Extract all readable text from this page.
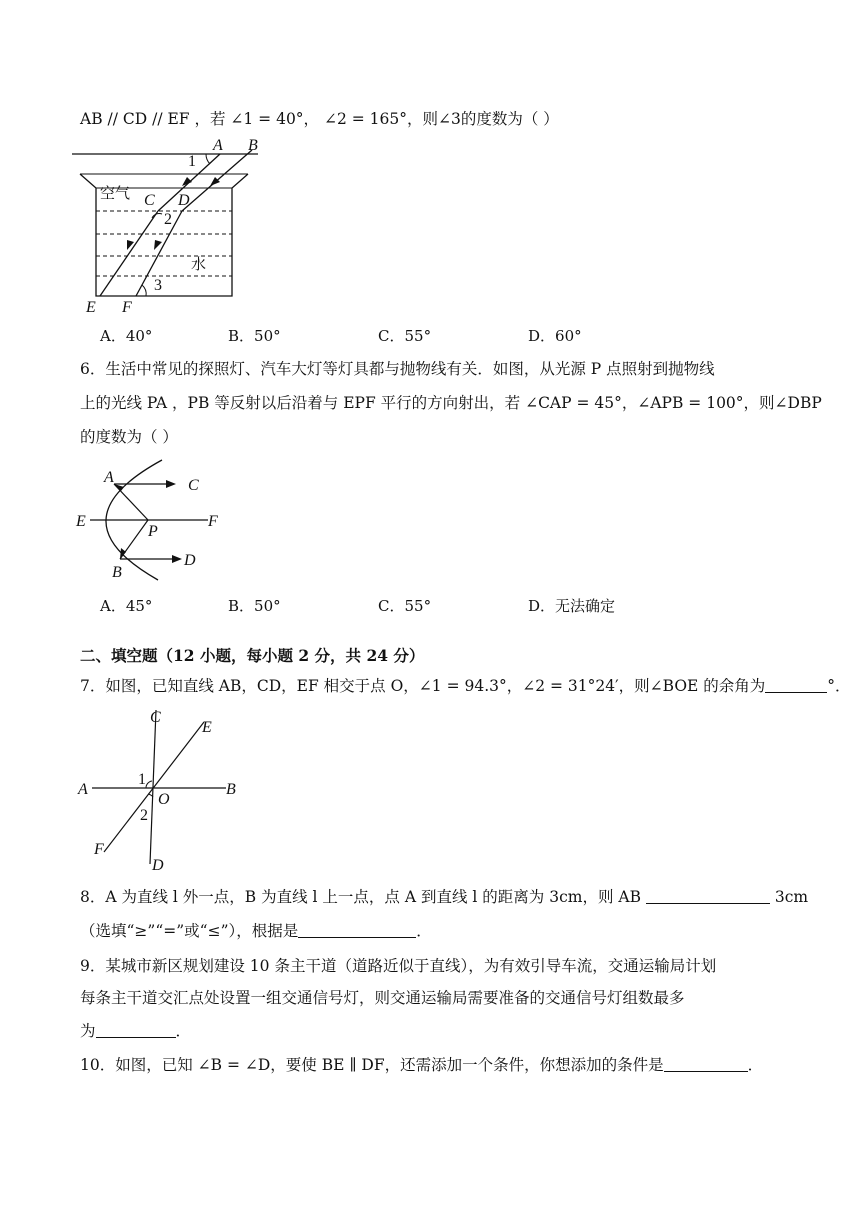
AB // CD // EF ，若 ∠1 = 40°， ∠2 = 165°，则∠3的度数为（ ）
A B
1
C D
2
空气
水
3
E F
A．40°	B．50°	C．55°	D．60°
6．生活中常见的探照灯、汽车大灯等灯具都与抛物线有关．如图，从光源 P 点照射到抛物线
上的光线 PA ，PB 等反射以后沿着与 EPF 平行的方向射出，若 ∠CAP = 45°，∠APB = 100°，则∠DBP
的度数为（ ）
A	C
E
P
F
B
D
A．45°	B．50°	C．55°	D．无法确定
二、填空题（12 小题，每小题 2 分，共 24 分）
7．如图，已知直线 AB，CD，EF 相交于点 O，∠1 = 94.3°，∠2 = 31°24′，则∠BOE 的余角为	°．
C
E
A
1
O
B
2
F
D
8．A 为直线 l 外一点，B 为直线 l 上一点，点 A 到直线 l 的距离为 3cm，则 AB	3cm
（选填“≥”“=”或“≤”），根据是	．
9．某城市新区规划建设 10 条主干道（道路近似于直线），为有效引导车流，交通运输局计划
每条主干道交汇点处设置一组交通信号灯，则交通运输局需要准备的交通信号灯组数最多
为	．
10．如图，已知 ∠B = ∠D，要使 BE ∥ DF，还需添加一个条件，你想添加的条件是	．
